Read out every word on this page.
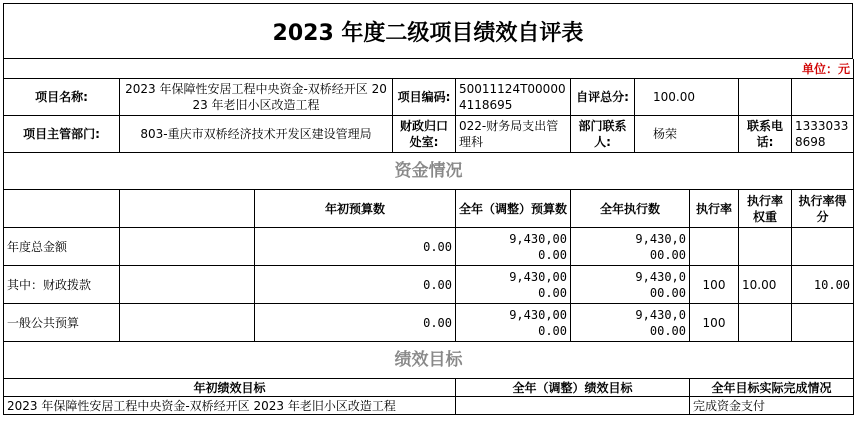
2023 年度二级项目绩效自评表
单位：元									
项目名称:	2023 年保障性安居工程中央资金-双桥经开区 2023 年老旧小区改造工程		项目编码:	50011124T000004118695	自评总分:	100.00			
项目主管部门:	803-重庆市双桥经济技术开发区建设管理局		财政归口处室:	022-财务局支出管理科	部门联系人:	杨荣		联系电话:	13330338698
资金情况									
		年初预算数		全年（调整）预算数	全年执行数		执行率	执行率权重	执行率得分
年度总金额		0.00		9,430,000.00	9,430,000.00				
其中：财政拨款		0.00		9,430,000.00	9,430,000.00		100	10.00	10.00
一般公共预算		0.00		9,430,000.00	9,430,000.00		100		
绩效目标									
年初绩效目标				全年（调整）绩效目标			全年目标实际完成情况		
2023 年保障性安居工程中央资金-双桥经开区 2023 年老旧小区改造工程							完成资金支付		
